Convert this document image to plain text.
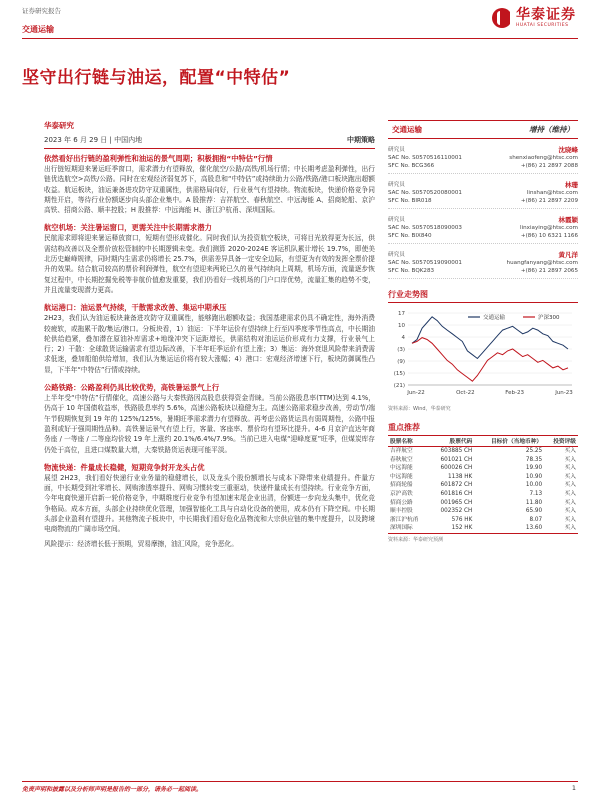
证券研究报告	华泰证券
HUATAI SECURITIES
交通运输
坚守出行链与油运，配置“中特估”
华泰研究
2023 年 6 月 29 日 | 中国内地	中期策略
依然看好出行链的盈利弹性和油运的景气周期；积极拥抱“中特估”行情

出行链短期迎来暑运旺季窗口，需求潜力有望释放，催化航空/公路/高铁/机场行情；中长期考虑盈利弹性，出行链优选航空>高铁/公路。同时在宏观经济弱复苏下，高股息和“中特估”或持续助力公路/铁路/港口板块跑出超额收益。航运板块，油运兼备进攻防守双重属性，供需格局向好，行业景气有望持续。物流板块，快递价格竞争同期性开启，等待行业份额逐步向头部企业集中。A 股推荐：吉祥航空、春秋航空、中远海能 A、招商轮船、京沪高铁、招商公路、顺丰控股；H 股推荐：中远海能 H、浙江沪杭甬、深圳国际。

航空机场：关注暑运窗口，更需关注中长期需求潜力

民航需求即将迎来暑运释放窗口，短期有望形成催化。同时我们认为投资航空板块，可将目光放得更为长远，供需结构改善以及全票价放松管制的中长期逻辑未变。我们测算 2020-2024E 客运机队累计增长 19.7%，即使美北历史巅峰规律，同时期内生需求仍将增长 25.7%，供需差异具备一定安全边际，有望更为有效的发挥全票价提升的效果。结合航司较高的票价利润弹性，航空有望迎来两轮已久的景气持续向上周期，机场方面，流量逐步恢复过程中，中长期挖掘免税等非航价值愈发重要，我们仍看好一线机场的门户口岸优势，流量汇集的趋势不变，并且流量变现潜力更高。

航运港口：油运景气持续，干散需求改善、集运中期承压

2H23，我们认为油运板块兼备进攻防守双重属性，能够跑出超额收益；我国基建需求仍具不确定性，海外消费较疲软，或拖累干散/集运/港口。分板块看，1）油运：下半年运价有望持续上行至四季度季节性高点，中长期油轮供给趋紧，叠加潜在原油补库需求+地缘冲突下运距增长，供需结构对油运运价形成有力支撑，行业景气上行；2）干散：全球散货运输需求有望边际改善，下半年旺季运价有望上涨；3）集运：海外衰退风险带来消费需求低迷，叠加船舶供给增加，我们认为集运运价将有较大涨幅；4）港口：宏观经济增速下行，板块防御属性凸显，下半年“中特估”行情或持续。

公路铁路：公路盈利仍具比较优势，高铁暑运景气上行

上半年受“中特估”行情催化，高速公路与大秦铁路因高股息获得资金青睐。当前公路股息率(TTM)达到 4.1%，仍高于 10 年国债收益率，铁路股息率约 5.6%，高速公路板块以稳健为主。高速公路需求稳步改善，劳动节/端午节假期恢复到 19 年的 125%/125%，暑期旺季需求潜力有望释放。再考虑公路货运具有弱周期性，公路中报盈利或好于强周期性品种。高铁暑运景气有望上行，客量、客座率、票价均有望环比提升。4-6 月京沪直达年商务座 / 一等座 / 二等座均价较 19 年上涨约 20.1%/6.4%/7.9%。当前已进入电煤“迎峰度夏”旺季，但煤炭库存仍处于高位，且进口煤数量大增，大秦铁路货运表现可能平淡。

物流快递：件量成长稳健，短期竞争封开龙头占优

展望 2H23，我们看好快递行业业务量的稳健增长，以及龙头个股份额增长与成本下降带来业绩提升。件量方面，中长期受到社零增长、网购渗透率提升、网购习惯转变三重驱动，快递件量成长有望持续。行业竞争方面，今年电商快递开启新一轮价格竞争，中期维度行业竞争有望加速末尾企业出清，份额进一步向龙头集中，优化竞争格局。成本方面，头部企业持续优化管理，加强智能化工具与自动化设备的使用，成本仍有下降空间。中长期头部企业盈利有望提升。其他物流子板块中，中长期我们看好危化品物流和大宗供应链的集中度提升，以及跨境电商物流的广阔市场空间。

风险提示：经济增长低于预期，贸易摩擦，油汇风险，竞争恶化。

交通运输	增持（维持）
研究员	沈晓峰
SAC No. S0570516110001	shenxiaofeng@htsc.com
SFC No. BCG366	+(86) 21 2897 2088
研究员	林珊
SAC No. S0570520080001	linshan@htsc.com
SFC No. BIR018	+(86) 21 2897 2209
研究员	林霞颖
SAC No. S0570518090003	linxiaying@htsc.com
SFC No. BIX840	+(86) 10 6321 1166
研究员	黄凡洋
SAC No. S0570519090001	huangfanyang@htsc.com
SFC No. BQK283	+(86) 21 2897 2065
行业走势图
17
10
4
(3)
(9)
(15)
(21)
Jun-22	Oct-22	Feb-23	Jun-23
交通运输	沪深300
资料来源：Wind，华泰研究
重点推荐
股票名称	股票代码	目标价（当地币种）	投资评级
吉祥航空	603885 CH	25.25	买入
春秋航空	601021 CH	78.35	买入
中远海能	600026 CH	19.90	买入
中远海能	1138 HK	10.90	买入
招商轮船	601872 CH	10.00	买入
京沪高铁	601816 CH	7.13	买入
招商公路	001965 CH	11.80	买入
顺丰控股	002352 CH	65.90	买入
浙江沪杭甬	576 HK	8.07	买入
深圳国际	152 HK	13.60	买入
资料来源：华泰研究预测
免责声明和披露以及分析师声明是报告的一部分，请务必一起阅读。	1
